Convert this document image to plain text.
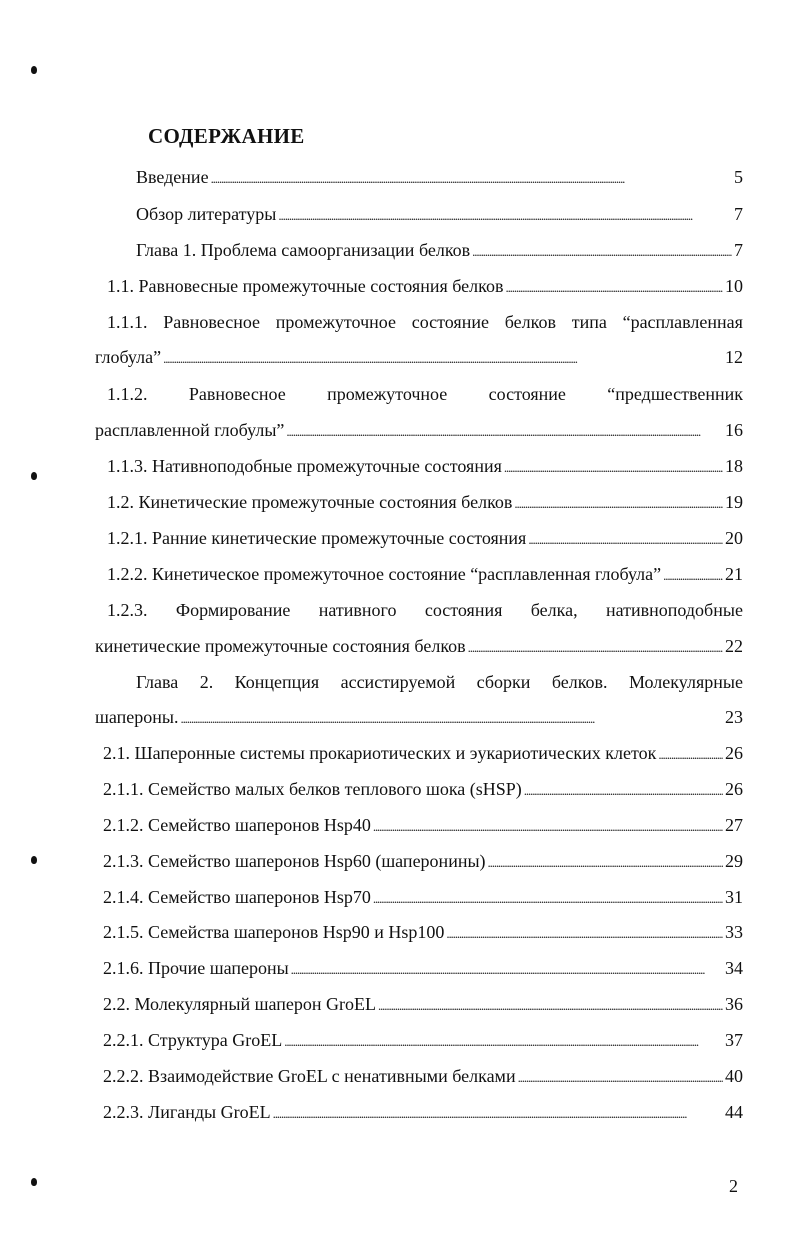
СОДЕРЖАНИЕ
Введение . . .	5
Обзор литературы . . .	7
Глава 1. Проблема самоорганизации белков . . .	7
1.1. Равновесные промежуточные состояния белков . . .	10
1.1.1. Равновесное промежуточное состояние белков типа “расплавленная
глобула” . . .	12
1.1.2. Равновесное промежуточное состояние “предшественник
расплавленной глобулы” . . .	16
1.1.3. Нативноподобные промежуточные состояния . . .	18
1.2. Кинетические промежуточные состояния белков . . .	19
1.2.1. Ранние кинетические промежуточные состояния . . .	20
1.2.2. Кинетическое промежуточное состояние “расплавленная глобула” . . .	21
1.2.3. Формирование нативного состояния белка, нативноподобные
кинетические промежуточные состояния белков . . .	22
Глава 2. Концепция ассистируемой сборки белков. Молекулярные
шапероны. . . .	23
2.1. Шаперонные системы прокариотических и эукариотических клеток . . .	26
2.1.1. Семейство малых белков теплового шока (sHSP) . . .	26
2.1.2. Семейство шаперонов Hsp40 . . .	27
2.1.3. Семейство шаперонов Hsp60 (шаперонины) . . .	29
2.1.4. Семейство шаперонов Hsp70 . . .	31
2.1.5. Семейства шаперонов Hsp90 и Hsp100 . . .	33
2.1.6. Прочие шапероны . . .	34
2.2. Молекулярный шаперон GroEL . . .	36
2.2.1. Структура GroEL . . .	37
2.2.2. Взаимодействие GroEL с ненативными белками . . .	40
2.2.3. Лиганды GroEL . . .	44
2
